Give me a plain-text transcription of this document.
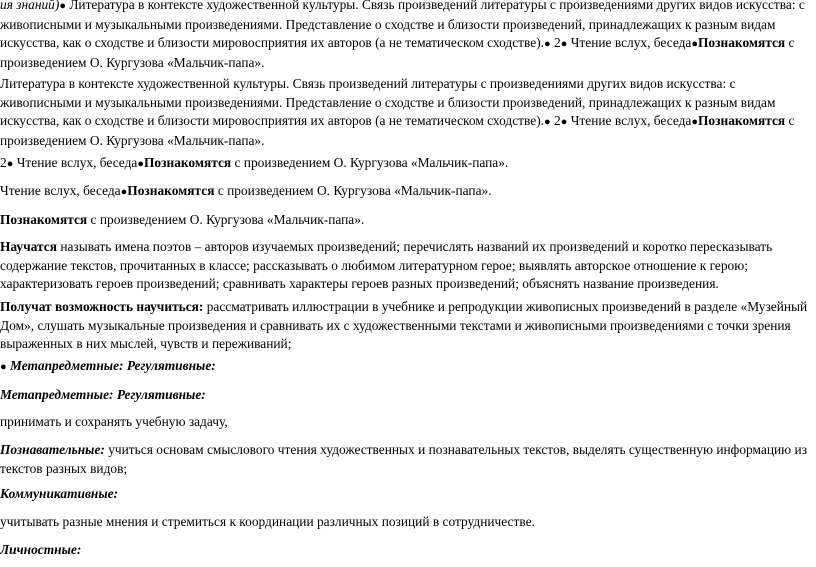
ия знаний)● Литература в контексте художественной культуры. Связь произведений литературы с произведениями других видов искусства: с живописными и музыкальными произведениями. Представление о сходстве и близости произведений, принадлежащих к разным видам искусства, как о сходстве и близости мировосприятия их авторов (а не тематическом сходстве).● 2● Чтение вслух, беседа●Познакомятся с произведением О. Кургузова «Мальчик-папа».

Литература в контексте художественной культуры. Связь произведений литературы с произведениями других видов искусства: с живописными и музыкальными произведениями. Представление о сходстве и близости произведений, принадлежащих к разным видам искусства, как о сходстве и близости мировосприятия их авторов (а не тематическом сходстве).● 2● Чтение вслух, беседа●Познакомятся с произведением О. Кургузова «Мальчик-папа».

2● Чтение вслух, беседа●Познакомятся с произведением О. Кургузова «Мальчик-папа».

Чтение вслух, беседа●Познакомятся с произведением О. Кургузова «Мальчик-папа».

Познакомятся с произведением О. Кургузова «Мальчик-папа».

Научатся называть имена поэтов – авторов изучаемых произведений; перечислять названий их произведений и коротко пересказывать содержание текстов, прочитанных в классе; рассказывать о любимом литературном герое; выявлять авторское отношение к герою; характеризовать героев произведений; сравнивать характеры героев разных произведений; объяснять название произведения.

Получат возможность научиться: рассматривать иллюстрации в учебнике и репродукции живописных произведений в разделе «Музейный Дом», слушать музыкальные произведения и сравнивать их с художественными текстами и живописными произведениями с точки зрения выраженных в них мыслей, чувств и переживаний;

● Метапредметные: Регулятивные:

Метапредметные: Регулятивные:

принимать и сохранять учебную задачу,

Познавательные: учиться основам смыслового чтения художественных и познавательных текстов, выделять существенную информацию из текстов разных видов;

Коммуникативные:

учитывать разные мнения и стремиться к координации различных позиций в сотрудничестве.

Личностные:
